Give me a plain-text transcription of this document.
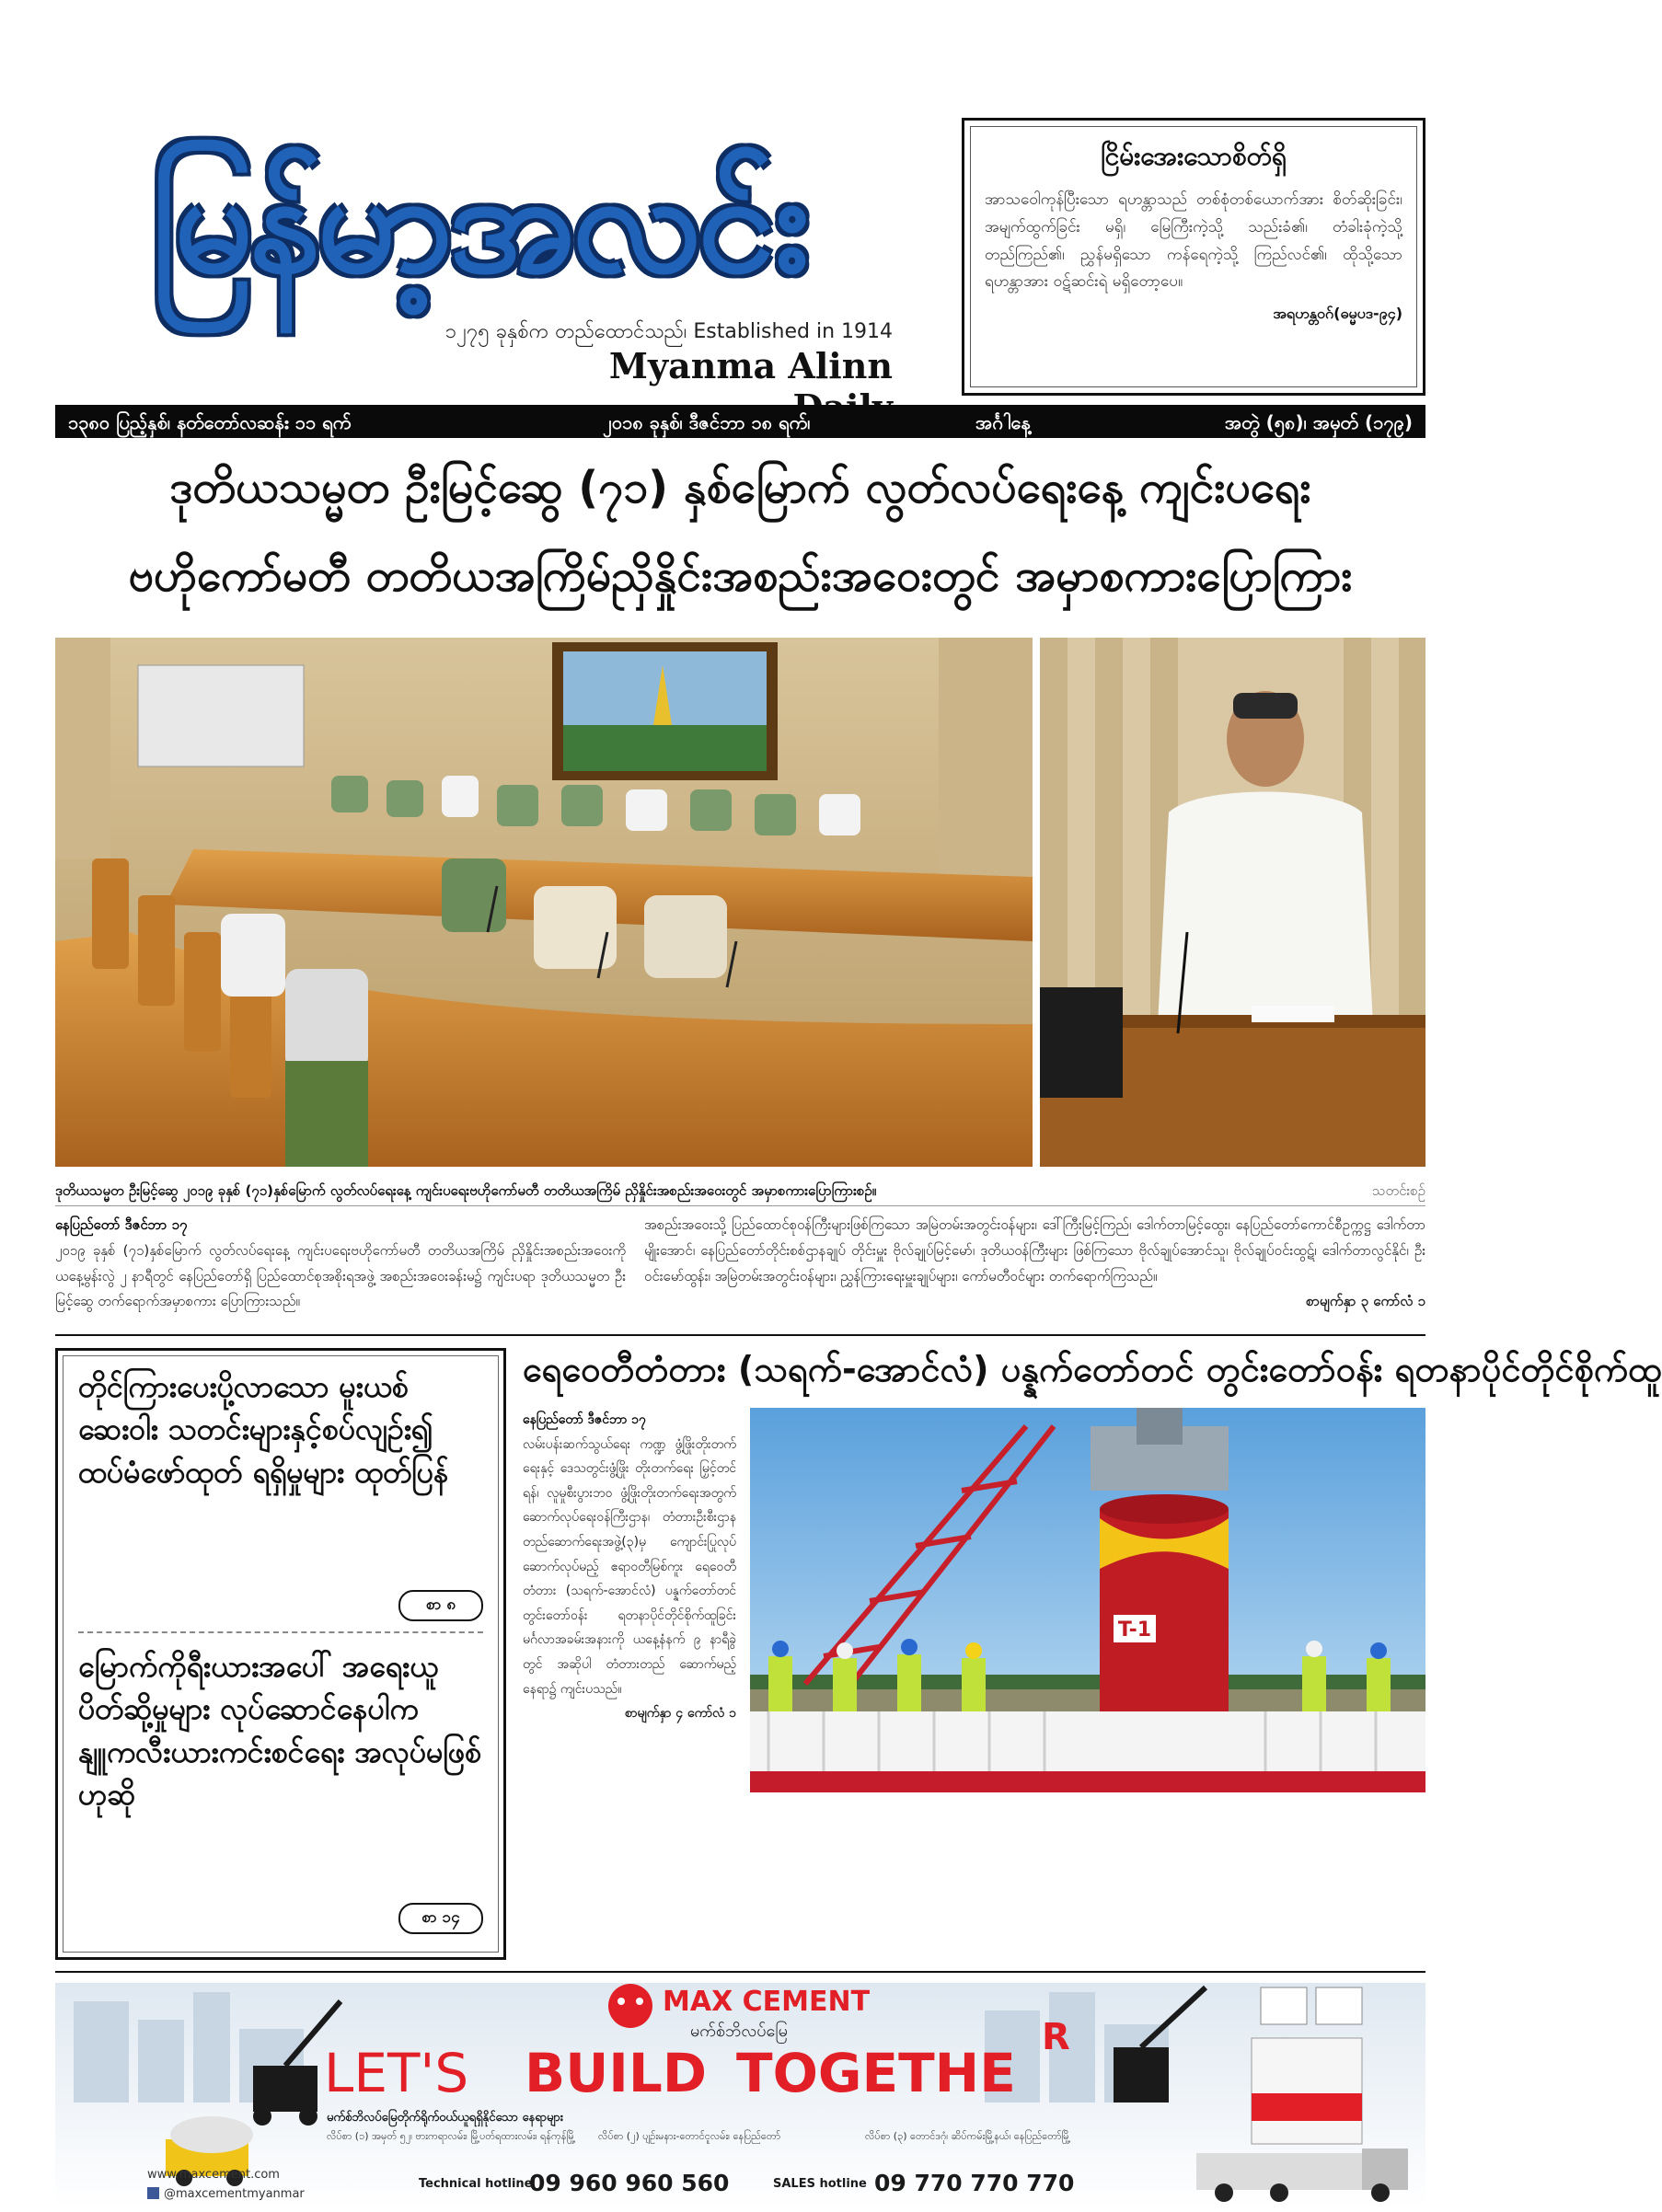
မြန်မာ့အလင်း
၁၂၇၅ ခုနှစ်က တည်ထောင်သည်၊ Established in 1914
Myanma Alinn
ငြိမ်းအေးသောစိတ်ရှိ
အာသဝေါကုန်ပြီးသော ရဟန္တာသည် တစ်စုံတစ်ယောက်အား စိတ်ဆိုးခြင်း၊ အမျက်ထွက်ခြင်း မရှိ၊ မြေကြီးကဲ့သို့ သည်းခံ၏၊ တံခါးခုံကဲ့သို့ တည်ကြည်၏၊ ညွှန်မရှိသော ကန်ရေကဲ့သို့ ကြည်လင်၏၊ ထိုသို့သော ရဟန္တာအား ဝဋ်ဆင်းရဲ မရှိတော့ပေ။
အရဟန္တဝဂ်(ဓမ္မပဒ-၉၄)
၁၃၈၀ ပြည့်နှစ်၊ နတ်တော်လဆန်း ၁၁ ရက်	၂၀၁၈ ခုနှစ်၊ ဒီဇင်ဘာ ၁၈ ရက်၊	အင်္ဂါနေ့	အတွဲ (၅၈)၊ အမှတ် (၁၇၉)
ဒုတိယသမ္မတ ဦးမြင့်ဆွေ (၇၁) နှစ်မြောက် လွတ်လပ်ရေးနေ့ ကျင်းပရေး
ဗဟိုကော်မတီ တတိယအကြိမ်ညှိနှိုင်းအစည်းအဝေးတွင် အမှာစကားပြောကြား
ဒုတိယသမ္မတ ဦးမြင့်ဆွေ ၂၀၁၉ ခုနှစ် (၇၁)နှစ်မြောက် လွတ်လပ်ရေးနေ့ ကျင်းပရေးဗဟိုကော်မတီ တတိယအကြိမ် ညှိနှိုင်းအစည်းအဝေးတွင် အမှာစကားပြောကြားစဉ်။	သတင်းစဉ်
နေပြည်တော် ဒီဇင်ဘာ ၁၇
၂၀၁၉ ခုနှစ် (၇၁)နှစ်မြောက် လွတ်လပ်ရေးနေ့ ကျင်းပရေးဗဟိုကော်မတီ တတိယအကြိမ် ညှိနှိုင်းအစည်းအဝေးကို ယနေ့မွန်းလွဲ ၂ နာရီတွင် နေပြည်တော်ရှိ ပြည်ထောင်စုအစိုးရအဖွဲ့ အစည်းအဝေးခန်းမ၌ ကျင်းပရာ ဒုတိယသမ္မတ ဦးမြင့်ဆွေ တက်ရောက်အမှာစကား ပြောကြားသည်။
အစည်းအဝေးသို့ ပြည်ထောင်စုဝန်ကြီးများဖြစ်ကြသော အမြဲတမ်းအတွင်းဝန်များ၊ ဒေါ်ကြီးမြင့်ကြည်၊ ဒေါက်တာမြင့်ထွေး၊ နေပြည်တော်ကောင်စီဥက္ကဋ္ဌ ဒေါက်တာမျိုးအောင်၊ နေပြည်တော်တိုင်းစစ်ဌာနချုပ် တိုင်းမှူး ဗိုလ်ချုပ်မြင့်မော်၊ ဒုတိယဝန်ကြီးများ ဖြစ်ကြသော ဗိုလ်ချုပ်အောင်သူ၊ ဗိုလ်ချုပ်ဝင်းထွဋ်၊ ဒေါက်တာလွင်နိုင်၊ ဦးဝင်းမော်ထွန်း၊ အမြဲတမ်းအတွင်းဝန်များ၊ ညွှန်ကြားရေးမှူးချုပ်များ၊ ကော်မတီဝင်များ တက်ရောက်ကြသည်။
စာမျက်နှာ ၃ ကော်လံ ၁
တိုင်ကြားပေးပို့လာသော မူးယစ်ဆေးဝါး သတင်းများနှင့်စပ်လျဉ်း၍ ထပ်မံဖော်ထုတ် ရရှိမှုများ ထုတ်ပြန်
စာ ၈
မြောက်ကိုရီးယားအပေါ် အရေးယူပိတ်ဆို့မှုများ လုပ်ဆောင်နေပါက နျူကလီးယားကင်းစင်ရေး အလုပ်မဖြစ်ဟုဆို
စာ ၁၄
ရေဝေတီတံတား (သရက်-အောင်လံ) ပန္နက်တော်တင် တွင်းတော်ဝန်း ရတနာပိုင်တိုင်စိုက်ထူ
နေပြည်တော် ဒီဇင်ဘာ ၁၇
လမ်းပန်းဆက်သွယ်ရေး ကဏ္ဍ ဖွံ့ဖြိုးတိုးတက်ရေးနှင့် ဒေသတွင်းဖွံ့ဖြိုး တိုးတက်ရေး မြှင့်တင်ရန်၊ လူမှုစီးပွားဘဝ ဖွံ့ဖြိုးတိုးတက်ရေးအတွက် ဆောက်လုပ်ရေးဝန်ကြီးဌာန၊ တံတားဦးစီးဌာန တည်ဆောက်ရေးအဖွဲ့(၃)မှ ကျောင်းပြုလုပ် ဆောက်လုပ်မည့် ဧရာဝတီမြစ်ကူး ရေဝေတီတံတား (သရက်-အောင်လံ) ပန္နက်တော်တင် တွင်းတော်ဝန်း ရတနာပိုင်တိုင်စိုက်ထူခြင်း မင်္ဂလာအခမ်းအနားကို ယနေ့နံနက် ၉ နာရီခွဲတွင် အဆိုပါ တံတားတည် ဆောက်မည့် နေရာ၌ ကျင်းပသည်။
စာမျက်နှာ ၄ ကော်လံ ၁
T-1
MAX CEMENT
မက်စ်ဘိလပ်မြေ
LET'S BUILD TOGETHE
R
မက်စ်ဘိလပ်မြေတိုက်ရိုက်ဝယ်ယူရရှိနိုင်သော နေရာများ
လိပ်စာ (၁) အမှတ် ၅၂၊ ဗားကရာလမ်း၊ မြို့ပတ်ရထားလမ်း၊ ရန်ကုန်မြို့ လိပ်စာ (၂) ပျဉ်းမနား-တောင်ငူလမ်း၊ နေပြည်တော်	လိပ်စာ (၃) တောင်ဒဂုံ၊ ဆိပ်ကမ်းမြို့နယ်၊ နေပြည်တော်မြို့
www.maxcement.com
@maxcementmyanmar
Technical hotline
09 960 960 560	SALES hotline 09 770 770 770
